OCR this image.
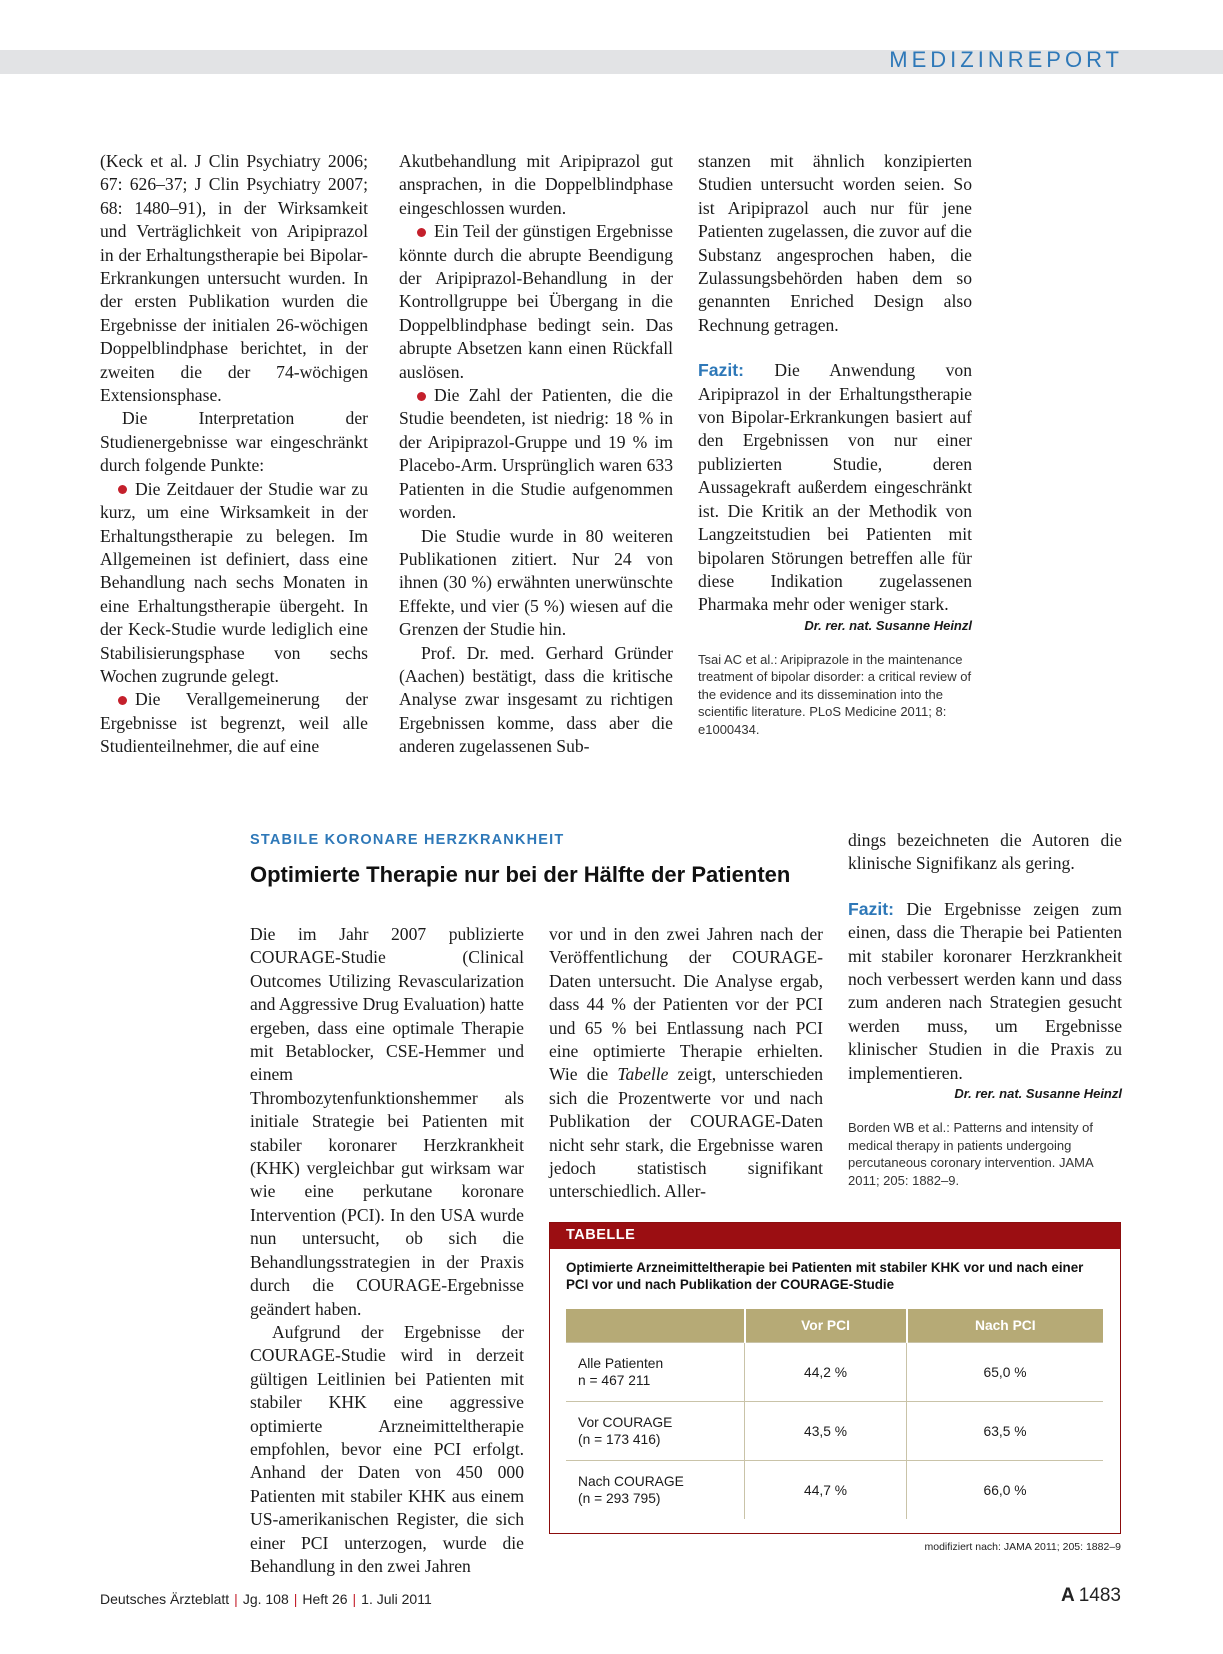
MEDIZINREPORT

(Keck et al. J Clin Psychiatry 2006; 67: 626–37; J Clin Psychiatry 2007; 68: 1480–91), in der Wirksamkeit und Verträglichkeit von Aripiprazol in der Erhaltungstherapie bei Bipolar-Erkrankungen untersucht wurden. In der ersten Publikation wurden die Ergebnisse der initialen 26-wöchigen Doppelblindphase berichtet, in der zweiten die der 74-wöchigen Extensionsphase.

Die Interpretation der Studienergebnisse war eingeschränkt durch folgende Punkte:

Die Zeitdauer der Studie war zu kurz, um eine Wirksamkeit in der Erhaltungstherapie zu belegen. Im Allgemeinen ist definiert, dass eine Behandlung nach sechs Monaten in eine Erhaltungstherapie übergeht. In der Keck-Studie wurde lediglich eine Stabilisierungsphase von sechs Wochen zugrunde gelegt.

Die Verallgemeinerung der Ergebnisse ist begrenzt, weil alle Studienteilnehmer, die auf eine

Akutbehandlung mit Aripiprazol gut ansprachen, in die Doppelblindphase eingeschlossen wurden.

Ein Teil der günstigen Ergebnisse könnte durch die abrupte Beendigung der Aripiprazol-Behandlung in der Kontrollgruppe bei Übergang in die Doppelblindphase bedingt sein. Das abrupte Absetzen kann einen Rückfall auslösen.

Die Zahl der Patienten, die die Studie beendeten, ist niedrig: 18 % in der Aripiprazol-Gruppe und 19 % im Placebo-Arm. Ursprünglich waren 633 Patienten in die Studie aufgenommen worden.

Die Studie wurde in 80 weiteren Publikationen zitiert. Nur 24 von ihnen (30 %) erwähnten unerwünschte Effekte, und vier (5 %) wiesen auf die Grenzen der Studie hin.

Prof. Dr. med. Gerhard Gründer (Aachen) bestätigt, dass die kritische Analyse zwar insgesamt zu richtigen Ergebnissen komme, dass aber die anderen zugelassenen Sub-

stanzen mit ähnlich konzipierten Studien untersucht worden seien. So ist Aripiprazol auch nur für jene Patienten zugelassen, die zuvor auf die Substanz angesprochen haben, die Zulassungsbehörden haben dem so genannten Enriched Design also Rechnung getragen.

Fazit: Die Anwendung von Aripiprazol in der Erhaltungstherapie von Bipolar-Erkrankungen basiert auf den Ergebnissen von nur einer publizierten Studie, deren Aussagekraft außerdem eingeschränkt ist. Die Kritik an der Methodik von Langzeitstudien bei Patienten mit bipolaren Störungen betreffen alle für diese Indikation zugelassenen Pharmaka mehr oder weniger stark.

Dr. rer. nat. Susanne Heinzl

Tsai AC et al.: Aripiprazole in the maintenance treatment of bipolar disorder: a critical review of the evidence and its dissemination into the scientific literature. PLoS Medicine 2011; 8: e1000434.

STABILE KORONARE HERZKRANKHEIT
Optimierte Therapie nur bei der Hälfte der Patienten

Die im Jahr 2007 publizierte COURAGE-Studie (Clinical Outcomes Utilizing Revascularization and Aggressive Drug Evaluation) hatte ergeben, dass eine optimale Therapie mit Betablocker, CSE-Hemmer und einem Thrombozytenfunktionshemmer als initiale Strategie bei Patienten mit stabiler koronarer Herzkrankheit (KHK) vergleichbar gut wirksam war wie eine perkutane koronare Intervention (PCI). In den USA wurde nun untersucht, ob sich die Behandlungsstrategien in der Praxis durch die COURAGE-Ergebnisse geändert haben.

Aufgrund der Ergebnisse der COURAGE-Studie wird in derzeit gültigen Leitlinien bei Patienten mit stabiler KHK eine aggressive optimierte Arzneimitteltherapie empfohlen, bevor eine PCI erfolgt. Anhand der Daten von 450 000 Patienten mit stabiler KHK aus einem US-amerikanischen Register, die sich einer PCI unterzogen, wurde die Behandlung in den zwei Jahren

vor und in den zwei Jahren nach der Veröffentlichung der COURAGE-Daten untersucht. Die Analyse ergab, dass 44 % der Patienten vor der PCI und 65 % bei Entlassung nach PCI eine optimierte Therapie erhielten. Wie die Tabelle zeigt, unterschieden sich die Prozentwerte vor und nach Publikation der COURAGE-Daten nicht sehr stark, die Ergebnisse waren jedoch statistisch signifikant unterschiedlich. Aller-

dings bezeichneten die Autoren die klinische Signifikanz als gering.

Fazit: Die Ergebnisse zeigen zum einen, dass die Therapie bei Patienten mit stabiler koronarer Herzkrankheit noch verbessert werden kann und dass zum anderen nach Strategien gesucht werden muss, um Ergebnisse klinischer Studien in die Praxis zu implementieren.

Dr. rer. nat. Susanne Heinzl

Borden WB et al.: Patterns and intensity of medical therapy in patients undergoing percutaneous coronary intervention. JAMA 2011; 205: 1882–9.

TABELLE
Optimierte Arzneimitteltherapie bei Patienten mit stabiler KHK vor und nach einer PCI vor und nach Publikation der COURAGE-Studie
	Vor PCI	Nach PCI
Alle Patienten
n = 467 211	44,2 %	65,0 %
Vor COURAGE
(n = 173 416)	43,5 %	63,5 %
Nach COURAGE
(n = 293 795)	44,7 %	66,0 %
modifiziert nach: JAMA 2011; 205: 1882–9
Deutsches Ärzteblatt | Jg. 108 | Heft 26 | 1. Juli 2011	A 1483
